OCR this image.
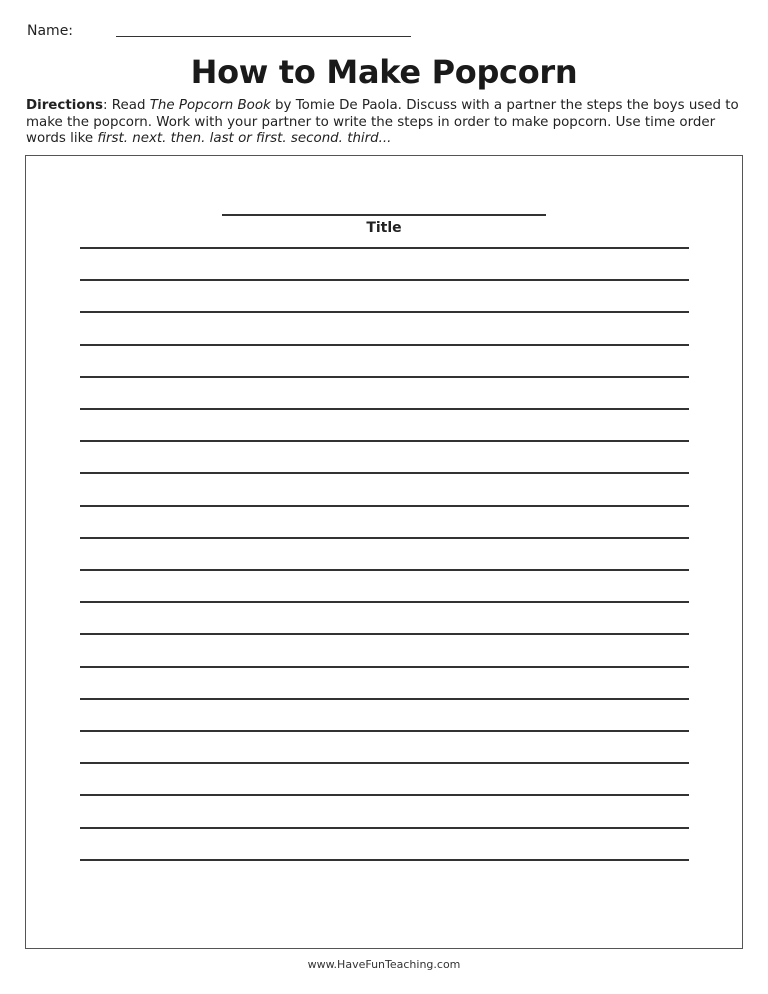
Name:
How to Make Popcorn
Directions: Read The Popcorn Book by Tomie De Paola. Discuss with a partner the steps the boys used to make the popcorn. Work with your partner to write the steps in order to make popcorn. Use time order words like first. next. then. last or first. second. third...
Title
www.HaveFunTeaching.com
